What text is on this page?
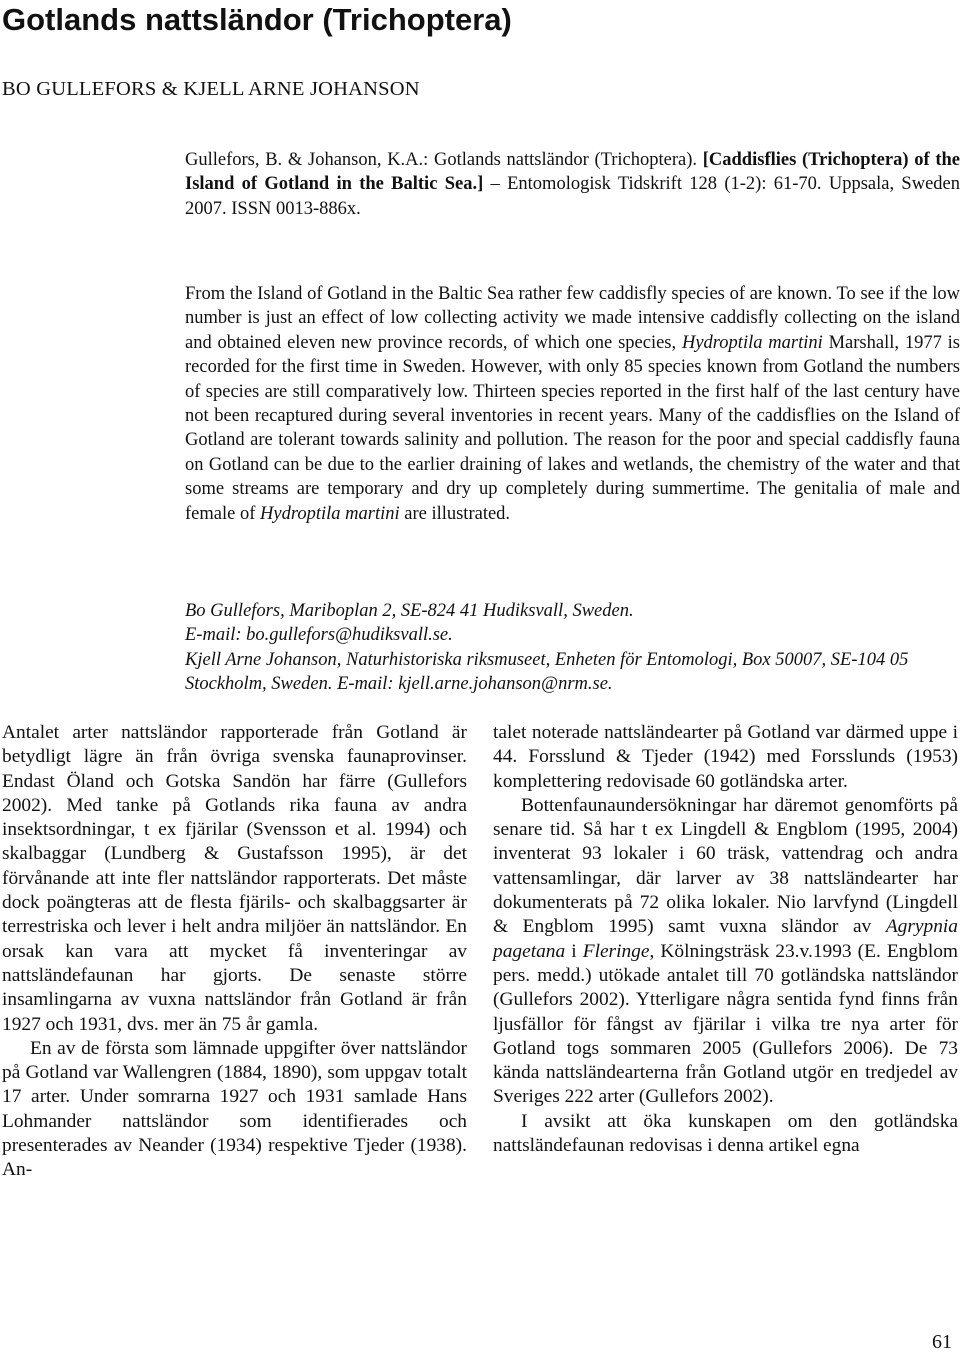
Gotlands nattsländor (Trichoptera)
BO GULLEFORS & KJELL ARNE JOHANSON

Gullefors, B. & Johanson, K.A.: Gotlands nattsländor (Trichoptera). [Caddisflies (Trichoptera) of the Island of Gotland in the Baltic Sea.] – Entomologisk Tidskrift 128 (1-2): 61-70. Uppsala, Sweden 2007. ISSN 0013-886x.

From the Island of Gotland in the Baltic Sea rather few caddisfly species of are known. To see if the low number is just an effect of low collecting activity we made intensive caddisfly collecting on the island and obtained eleven new province records, of which one species, Hydroptila martini Marshall, 1977 is recorded for the first time in Sweden. However, with only 85 species known from Gotland the numbers of species are still comparatively low. Thirteen species reported in the first half of the last century have not been recaptured during several inventories in recent years. Many of the caddisflies on the Island of Gotland are tolerant towards salinity and pollution. The reason for the poor and special caddisfly fauna on Gotland can be due to the earlier draining of lakes and wetlands, the chemistry of the water and that some streams are temporary and dry up completely during summertime. The genitalia of male and female of Hydroptila martini are illustrated.

Bo Gullefors, Mariboplan 2, SE-824 41 Hudiksvall, Sweden.
E-mail: bo.gullefors@hudiksvall.se.
Kjell Arne Johanson, Naturhistoriska riksmuseet, Enheten för Entomologi, Box 50007, SE-104 05 Stockholm, Sweden. E-mail: kjell.arne.johanson@nrm.se.

Antalet arter nattsländor rapporterade från Gotland är betydligt lägre än från övriga svenska faunaprovinser. Endast Öland och Gotska Sandön har färre (Gullefors 2002). Med tanke på Gotlands rika fauna av andra insektsordningar, t ex fjärilar (Svensson et al. 1994) och skalbaggar (Lundberg & Gustafsson 1995), är det förvånande att inte fler nattsländor rapporterats. Det måste dock poängteras att de flesta fjärils- och skalbaggsarter är terrestriska och lever i helt andra miljöer än nattsländor. En orsak kan vara att mycket få inventeringar av nattsländefaunan har gjorts. De senaste större insamlingarna av vuxna nattsländor från Gotland är från 1927 och 1931, dvs. mer än 75 år gamla.

En av de första som lämnade uppgifter över nattsländor på Gotland var Wallengren (1884, 1890), som uppgav totalt 17 arter. Under somrarna 1927 och 1931 samlade Hans Lohmander nattsländor som identifierades och presenterades av Neander (1934) respektive Tjeder (1938). An-

talet noterade nattsländearter på Gotland var därmed uppe i 44. Forsslund & Tjeder (1942) med Forsslunds (1953) komplettering redovisade 60 gotländska arter.

Bottenfaunaundersökningar har däremot genomförts på senare tid. Så har t ex Lingdell & Engblom (1995, 2004) inventerat 93 lokaler i 60 träsk, vattendrag och andra vattensamlingar, där larver av 38 nattsländearter har dokumenterats på 72 olika lokaler. Nio larvfynd (Lingdell & Engblom 1995) samt vuxna sländor av Agrypnia pagetana i Fleringe, Kölningsträsk 23.v.1993 (E. Engblom pers. medd.) utökade antalet till 70 gotländska nattsländor (Gullefors 2002). Ytterligare några sentida fynd finns från ljusfällor för fångst av fjärilar i vilka tre nya arter för Gotland togs sommaren 2005 (Gullefors 2006). De 73 kända nattsländearterna från Gotland utgör en tredjedel av Sveriges 222 arter (Gullefors 2002).

I avsikt att öka kunskapen om den gotländska nattsländefaunan redovisas i denna artikel egna

61
